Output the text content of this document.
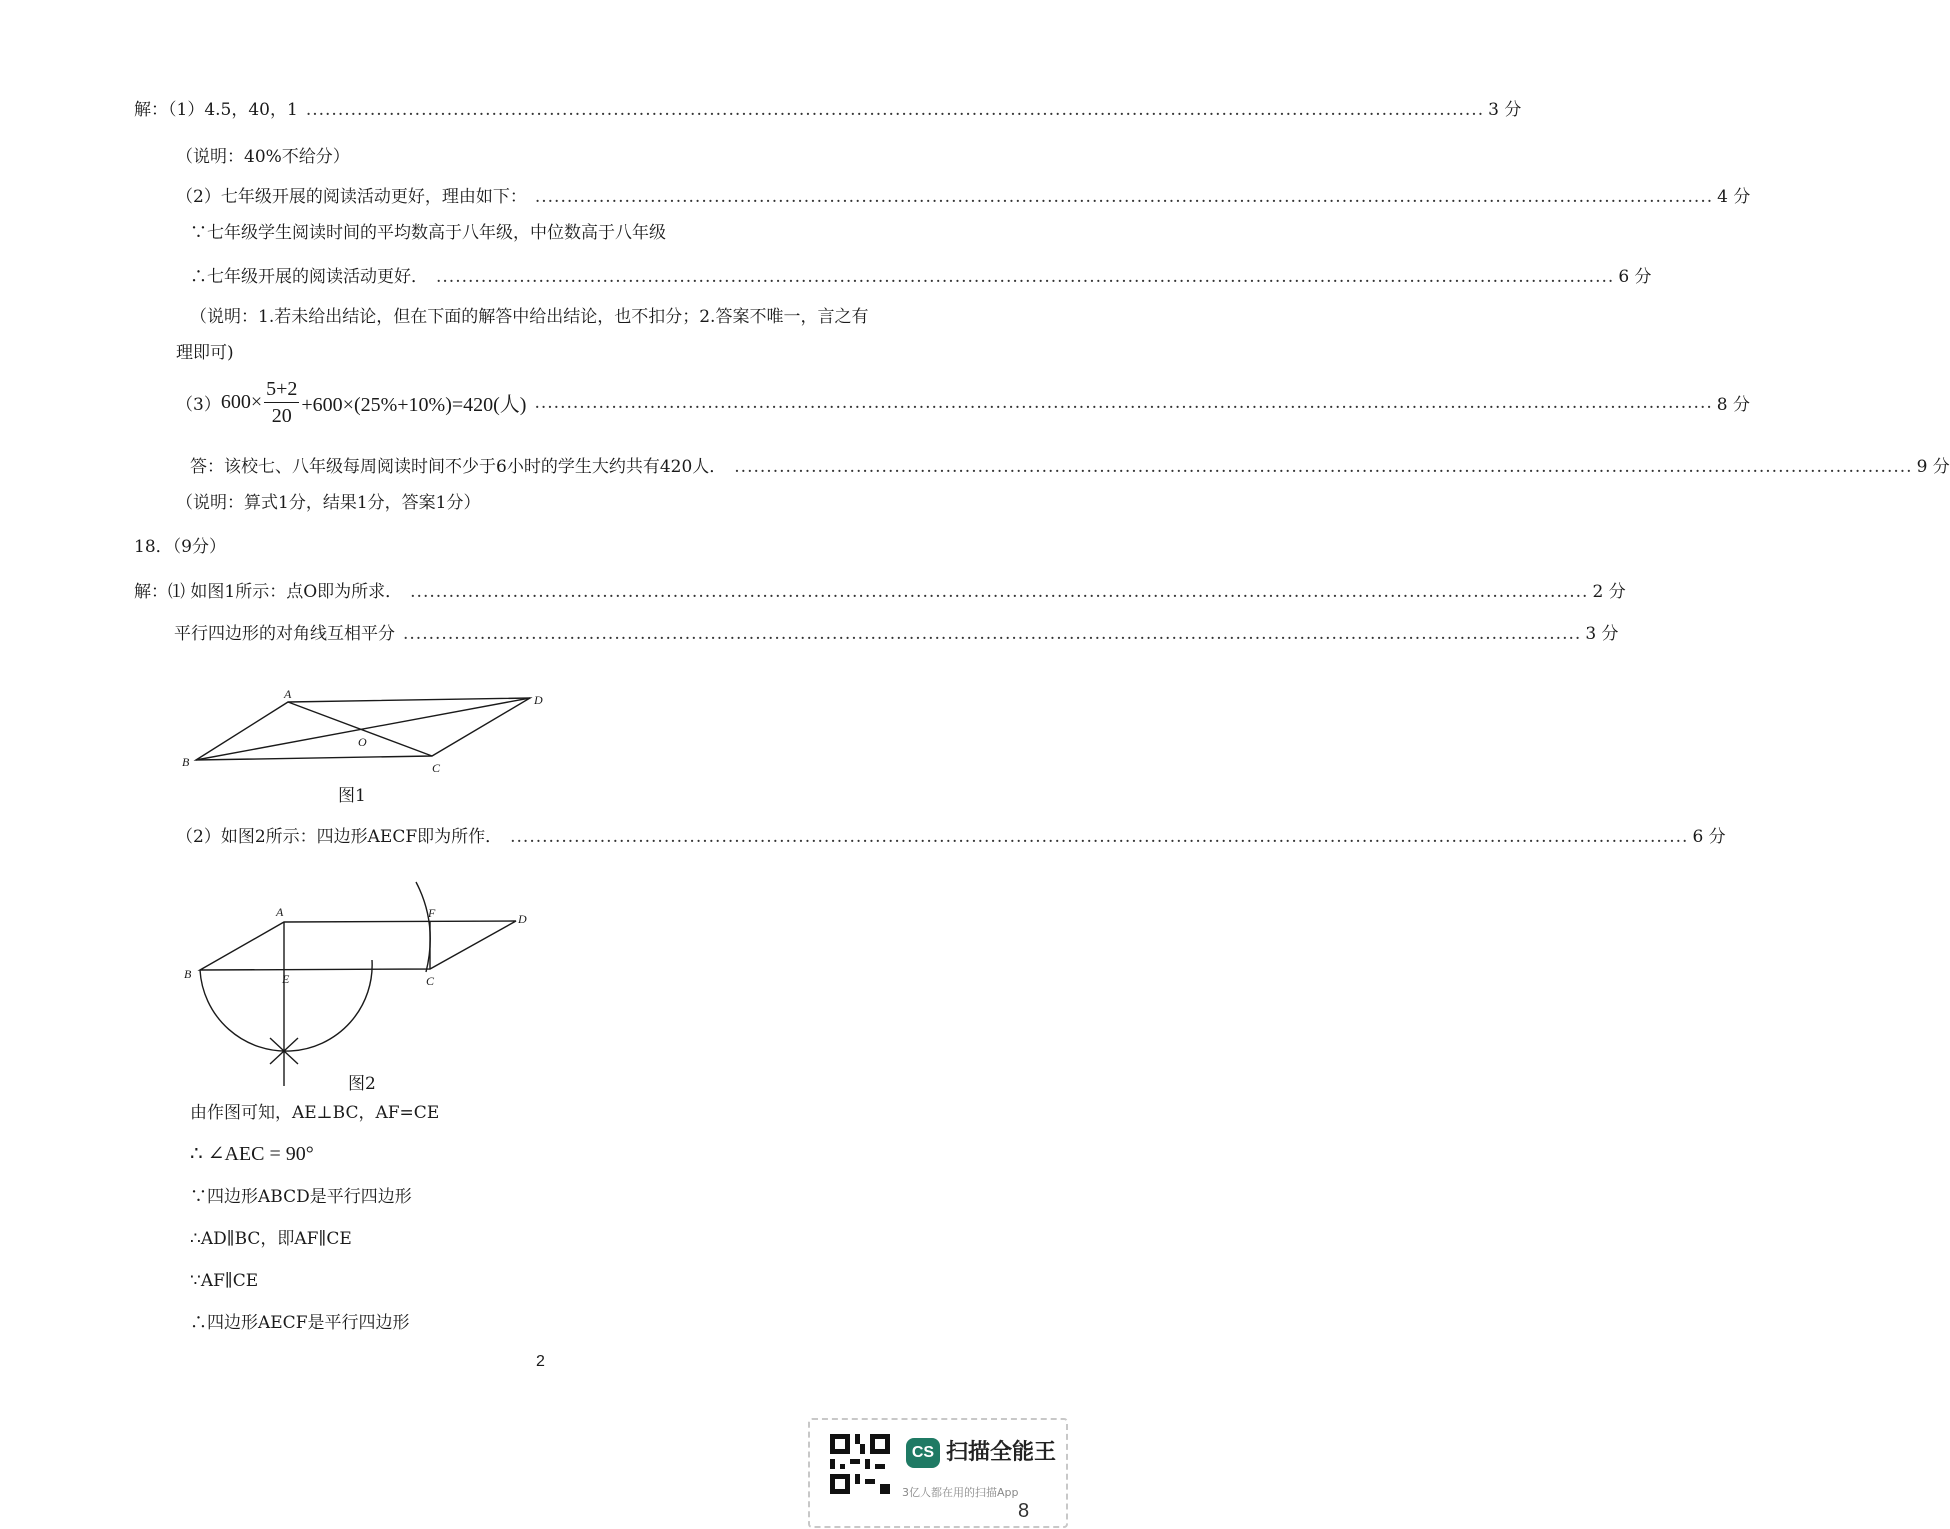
解：（1）4.5，40，1 ........................................................................................................................................................................................ 3 分
（说明：40%不给分）
（2）七年级开展的阅读活动更好，理由如下： ........................................................................................................................................................................................ 4 分
∵七年级学生阅读时间的平均数高于八年级，中位数高于八年级
∴七年级开展的阅读活动更好． ........................................................................................................................................................................................ 6 分
（说明：1.若未给出结论，但在下面的解答中给出结论，也不扣分；2.答案不唯一，言之有
理即可)
（3） $600\times \frac{5+2}{20} +600\times(25\%+10\%)=420$(人) ........................................................................................................................................................................................ 8 分
答：该校七、八年级每周阅读时间不少于6小时的学生大约共有420人． ........................................................................................................................................................................................ 9 分
（说明：算式1分，结果1分，答案1分）
18．（9分）
解：⑴ 如图1所示：点O即为所求． ........................................................................................................................................................................................ 2 分
平行四边形的对角线互相平分 ........................................................................................................................................................................................ 3 分
A
B	C
D
O
图1
（2）如图2所示：四边形AECF即为所作． ........................................................................................................................................................................................ 6 分
A
B	C
D
E
F
图2
由作图可知，AE⊥BC，AF=CE
∴ ∠AEC = 90°
∵四边形ABCD是平行四边形
∴AD∥BC，即AF∥CE
∵AF∥CE
∴四边形AECF是平行四边形
2
CS 扫描全能王
3亿人都在用的扫描App
8
